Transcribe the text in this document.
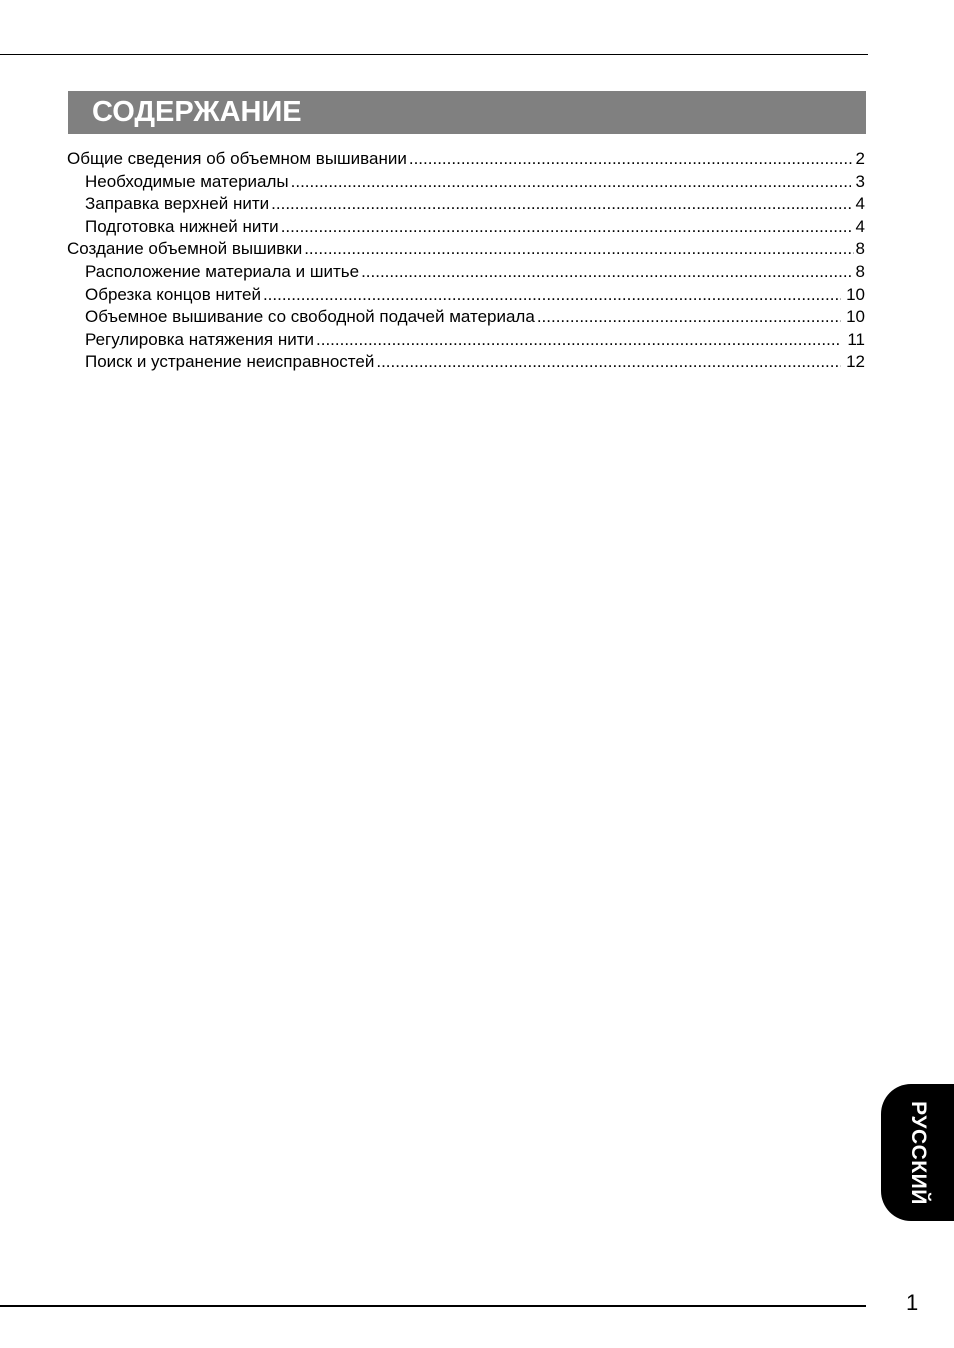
СОДЕРЖАНИЕ
Общие сведения об объемном вышивании .....	2
Необходимые материалы .....	3
Заправка верхней нити .....	4
Подготовка нижней нити .....	4
Создание объемной вышивки .....	8
Расположение материала и шитье .....	8
Обрезка концов нитей .....	10
Объемное вышивание со свободной подачей материала .....	10
Регулировка натяжения нити .....	11
Поиск и устранение неисправностей .....	12
РУССКИЙ
1
